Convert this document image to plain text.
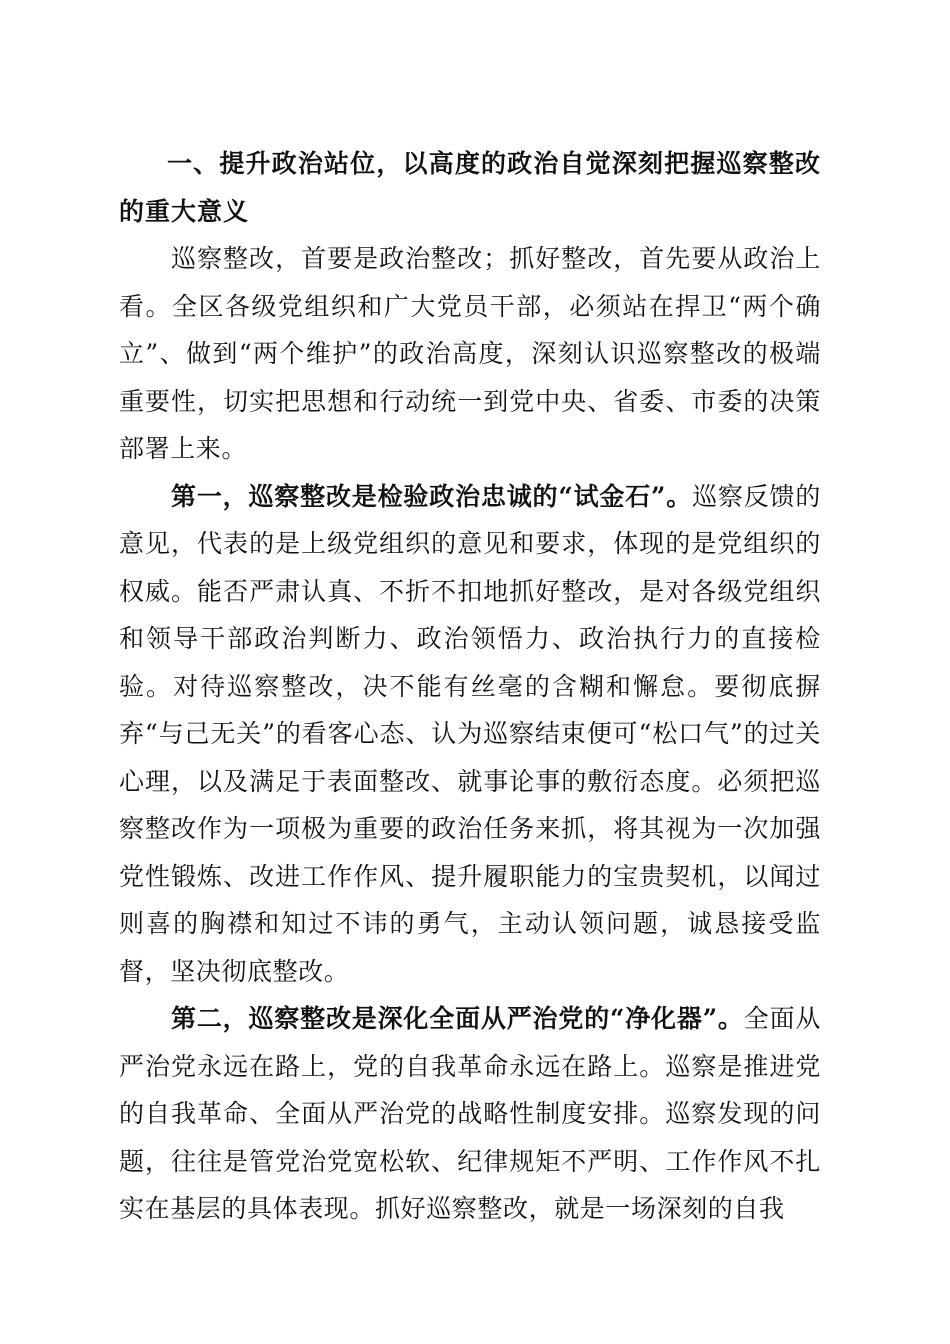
一、提升政治站位，以高度的政治自觉深刻把握巡察整改的重大意义

巡察整改，首要是政治整改；抓好整改，首先要从政治上看。全区各级党组织和广大党员干部，必须站在捍卫“两个确立”、做到“两个维护”的政治高度，深刻认识巡察整改的极端重要性，切实把思想和行动统一到党中央、省委、市委的决策部署上来。

第一，巡察整改是检验政治忠诚的“试金石”。巡察反馈的意见，代表的是上级党组织的意见和要求，体现的是党组织的权威。能否严肃认真、不折不扣地抓好整改，是对各级党组织和领导干部政治判断力、政治领悟力、政治执行力的直接检验。对待巡察整改，决不能有丝毫的含糊和懈怠。要彻底摒弃“与己无关”的看客心态、认为巡察结束便可“松口气”的过关心理，以及满足于表面整改、就事论事的敷衍态度。必须把巡察整改作为一项极为重要的政治任务来抓，将其视为一次加强党性锻炼、改进工作作风、提升履职能力的宝贵契机，以闻过则喜的胸襟和知过不讳的勇气，主动认领问题，诚恳接受监督，坚决彻底整改。

第二，巡察整改是深化全面从严治党的“净化器”。全面从严治党永远在路上，党的自我革命永远在路上。巡察是推进党的自我革命、全面从严治党的战略性制度安排。巡察发现的问题，往往是管党治党宽松软、纪律规矩不严明、工作作风不扎实在基层的具体表现。抓好巡察整改，就是一场深刻的自我
